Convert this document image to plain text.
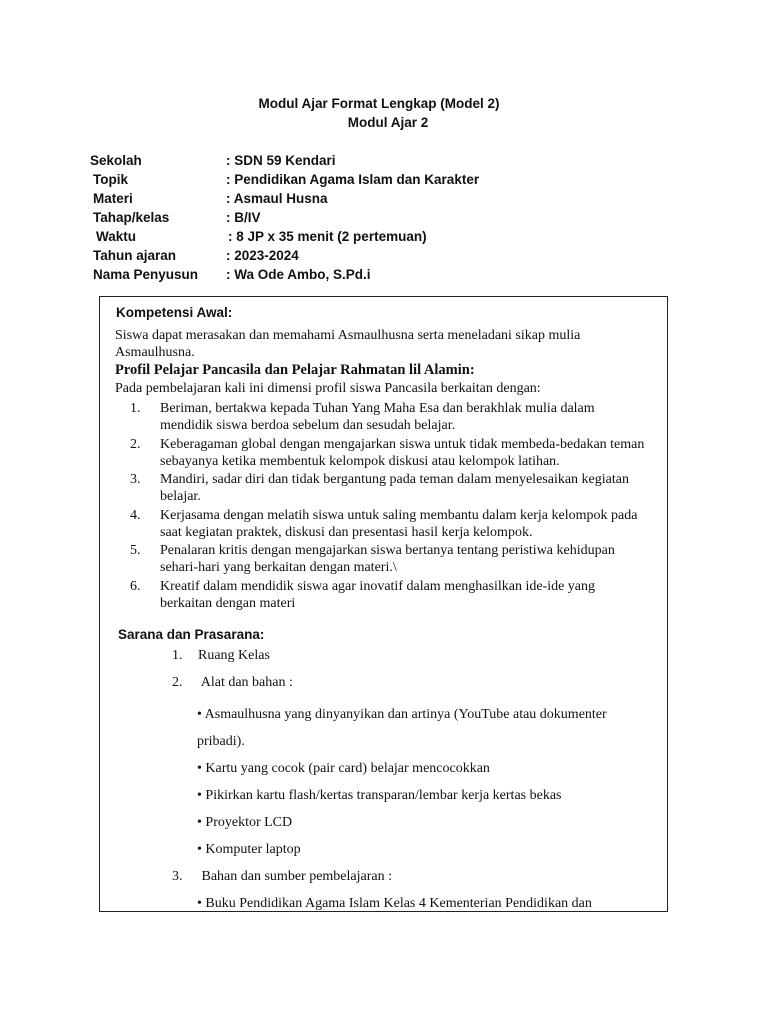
Modul Ajar Format Lengkap (Model 2)
Modul Ajar 2
Sekolah	: SDN 59 Kendari
Topik	: Pendidikan Agama Islam dan Karakter
Materi	: Asmaul Husna
Tahap/kelas	: B/IV
Waktu	: 8 JP x 35 menit (2 pertemuan)
Tahun ajaran	: 2023-2024
Nama Penyusun	: Wa Ode Ambo, S.Pd.i
Kompetensi Awal:
Siswa dapat merasakan dan memahami Asmaulhusna serta meneladani sikap mulia Asmaulhusna.
Profil Pelajar Pancasila dan Pelajar Rahmatan lil Alamin:
Pada pembelajaran kali ini dimensi profil siswa Pancasila berkaitan dengan:
1.	Beriman, bertakwa kepada Tuhan Yang Maha Esa dan berakhlak mulia dalam mendidik siswa berdoa sebelum dan sesudah belajar.
2.	Keberagaman global dengan mengajarkan siswa untuk tidak membeda-bedakan teman sebayanya ketika membentuk kelompok diskusi atau kelompok latihan.
3.	Mandiri, sadar diri dan tidak bergantung pada teman dalam menyelesaikan kegiatan belajar.
4.	Kerjasama dengan melatih siswa untuk saling membantu dalam kerja kelompok pada saat kegiatan praktek, diskusi dan presentasi hasil kerja kelompok.
5.	Penalaran kritis dengan mengajarkan siswa bertanya tentang peristiwa kehidupan sehari-hari yang berkaitan dengan materi.\
6.	Kreatif dalam mendidik siswa agar inovatif dalam menghasilkan ide-ide yang berkaitan dengan materi
Sarana dan Prasarana:
1. Ruang Kelas
2. Alat dan bahan :
• Asmaulhusna yang dinyanyikan dan artinya (YouTube atau dokumenter pribadi).
• Kartu yang cocok (pair card) belajar mencocokkan
• Pikirkan kartu flash/kertas transparan/lembar kerja kertas bekas
• Proyektor LCD
• Komputer laptop
3. Bahan dan sumber pembelajaran :
• Buku Pendidikan Agama Islam Kelas 4 Kementerian Pendidikan dan
